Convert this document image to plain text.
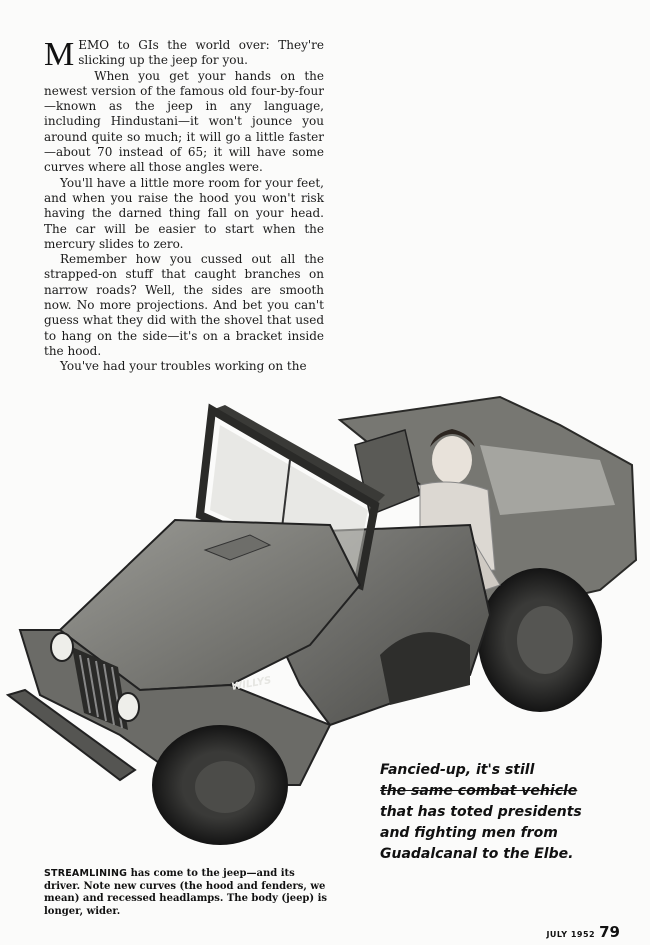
MEMO to GIs the world over: They're slicking up the jeep for you.

When you get your hands on the newest version of the famous old four-by-four—known as the jeep in any language, including Hindustani—it won't jounce you around quite so much; it will go a little faster—about 70 instead of 65; it will have some curves where all those angles were.

You'll have a little more room for your feet, and when you raise the hood you won't risk having the darned thing fall on your head. The car will be easier to start when the mercury slides to zero.

Remember how you cussed out all the strapped-on stuff that caught branches on narrow roads? Well, the sides are smooth now. No more projections. And bet you can't guess what they did with the shovel that used to hang on the side—it's on a bracket inside the hood.

You've had your troubles working on the

WILLYS
Fancied-up, it's still
the same combat vehicle
that has toted presidents
and fighting men from
Guadalcanal to the Elbe.
STREAMLINING has come to the jeep—and its driver. Note new curves (the hood and fenders, we mean) and recessed headlamps. The body (jeep) is longer, wider.
JULY 1952 79
